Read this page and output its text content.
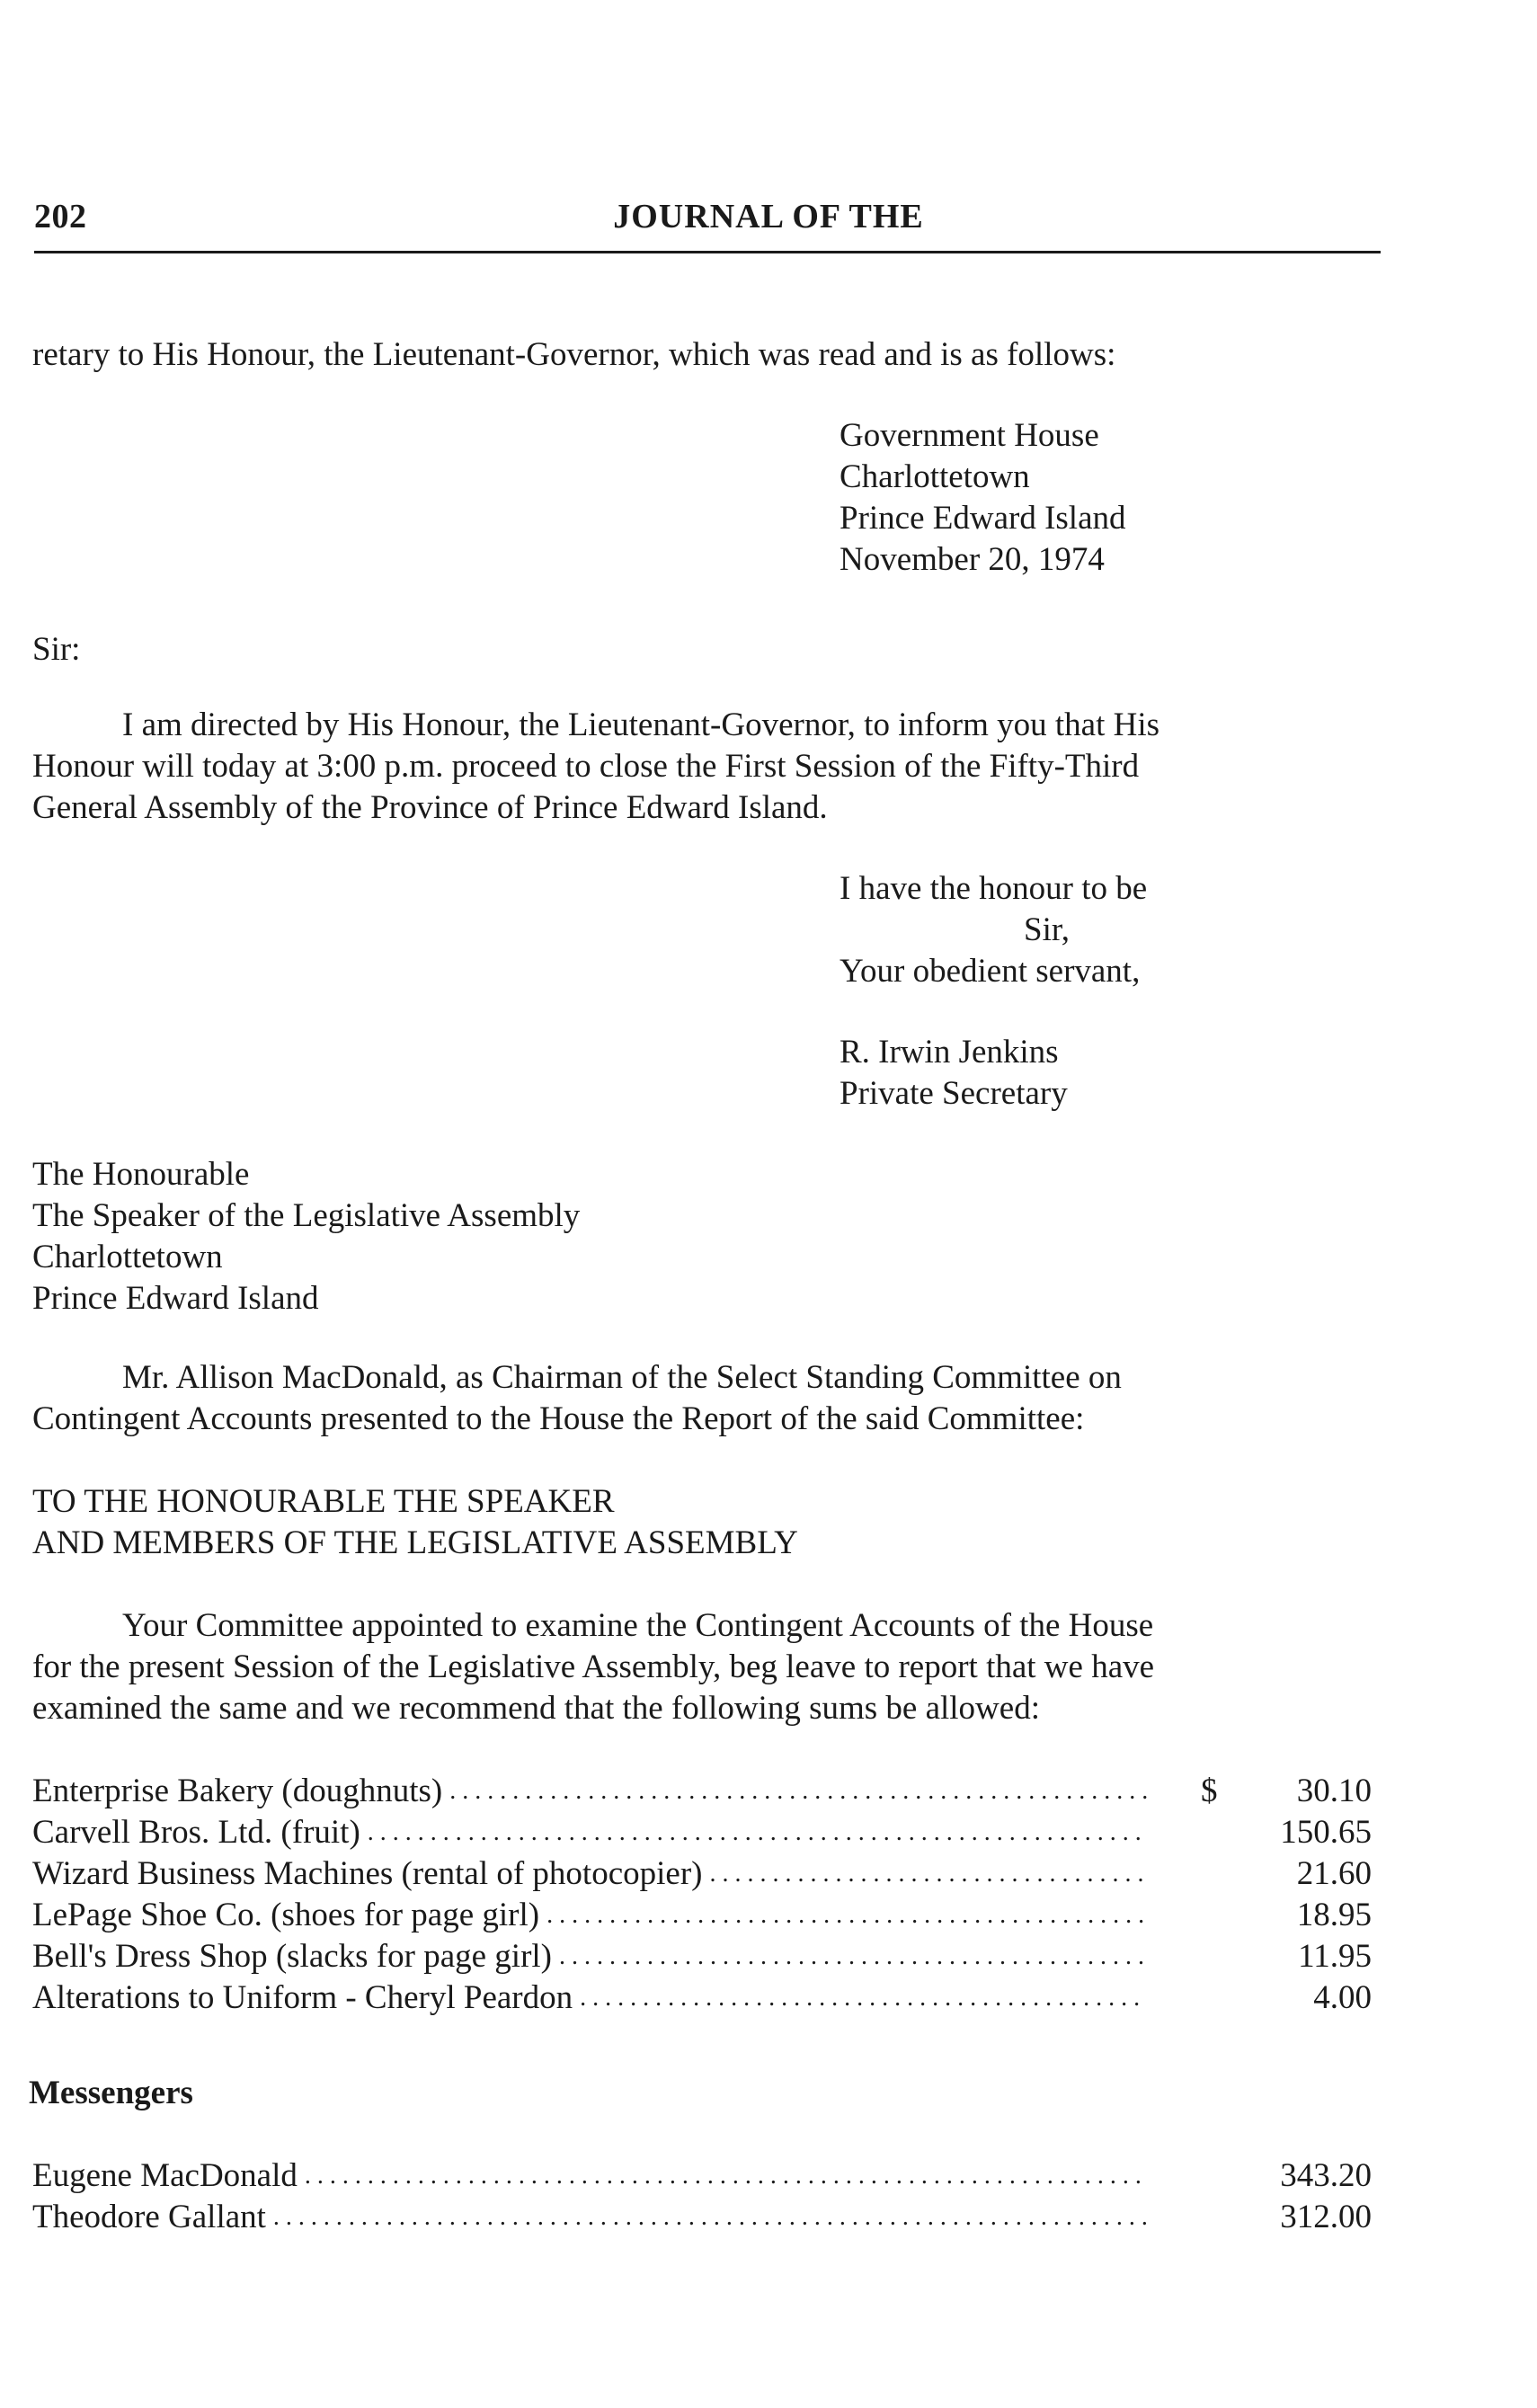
202	JOURNAL OF THE
retary to His Honour, the Lieutenant-Governor, which was read and is as follows:
Government House
Charlottetown
Prince Edward Island
November 20, 1974
Sir:
I am directed by His Honour, the Lieutenant-Governor, to inform you that His
Honour will today at 3:00 p.m. proceed to close the First Session of the Fifty-Third
General Assembly of the Province of Prince Edward Island.
I have the honour to be
Sir,
Your obedient servant,
R. Irwin Jenkins
Private Secretary
The Honourable
The Speaker of the Legislative Assembly
Charlottetown
Prince Edward Island
Mr. Allison MacDonald, as Chairman of the Select Standing Committee on
Contingent Accounts presented to the House the Report of the said Committee:
TO THE HONOURABLE THE SPEAKER
AND MEMBERS OF THE LEGISLATIVE ASSEMBLY
Your Committee appointed to examine the Contingent Accounts of the House
for the present Session of the Legislative Assembly, beg leave to report that we have
examined the same and we recommend that the following sums be allowed:
Enterprise Bakery (doughnuts) . . .	$	30.10
Carvell Bros. Ltd. (fruit) . . .	150.65
Wizard Business Machines (rental of photocopier) . . .	21.60
LePage Shoe Co. (shoes for page girl) . . .	18.95
Bell's Dress Shop (slacks for page girl) . . .	11.95
Alterations to Uniform - Cheryl Peardon . . .	4.00
Messengers
Eugene MacDonald . . .	343.20
Theodore Gallant . . .	312.00
